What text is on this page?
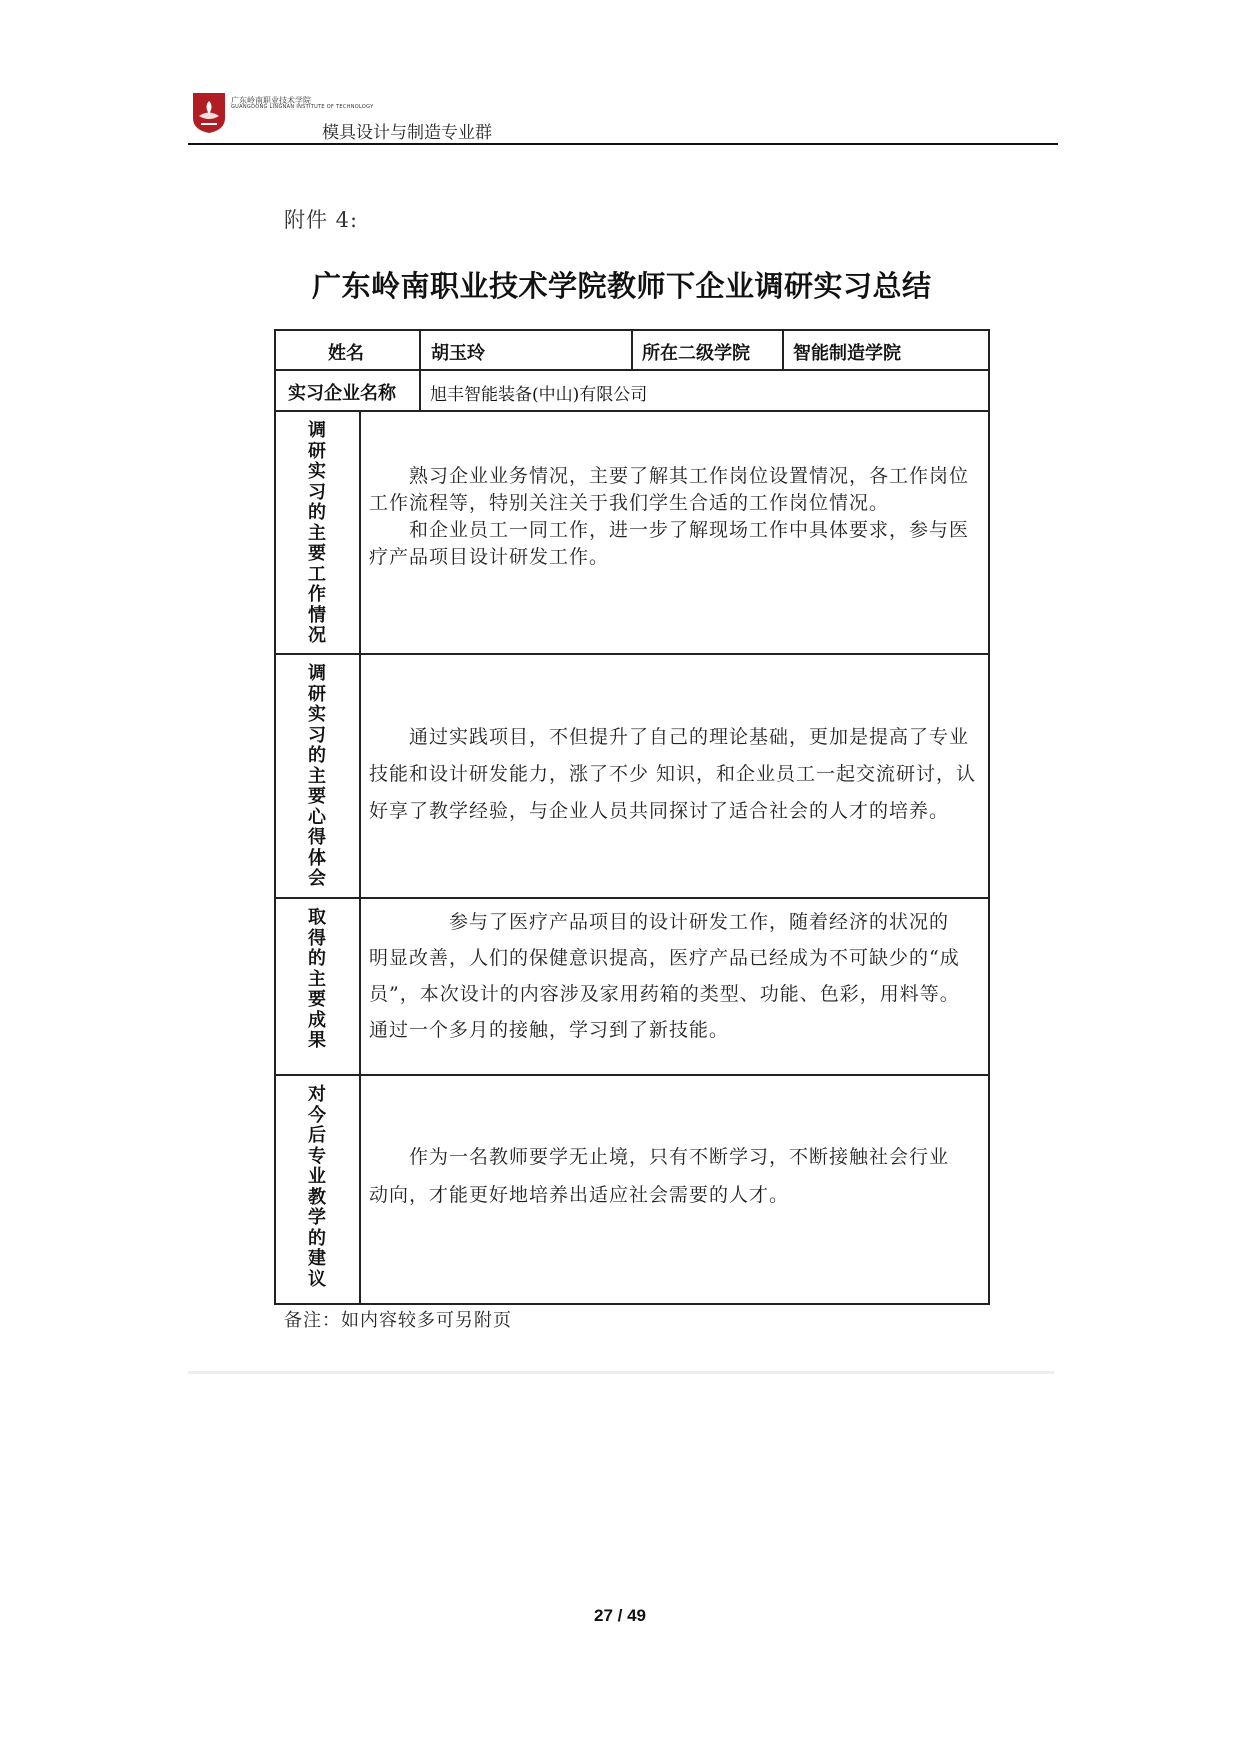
广东岭南职业技术学院
GUANGDONG LINGNAN INSTITUTE OF TECHNOLOGY
模具设计与制造专业群
附件 4:
广东岭南职业技术学院教师下企业调研实习总结
姓名	胡玉玲	所在二级学院 智能制造学院
实习企业名称 旭丰智能装备(中山)有限公司
调研实习的主要工作情况
　　熟习企业业务情况，主要了解其工作岗位设置情况，各工作岗位
工作流程等，特别关注关于我们学生合适的工作岗位情况。
　　和企业员工一同工作，进一步了解现场工作中具体要求，参与医
疗产品项目设计研发工作。
调研实习的主要心得体会
　　通过实践项目，不但提升了自己的理论基础，更加是提高了专业
技能和设计研发能力，涨了不少 知识，和企业员工一起交流研讨，认
好享了教学经验，与企业人员共同探讨了适合社会的人才的培养。
取得的主要成果
　　　　参与了医疗产品项目的设计研发工作，随着经济的状况的
明显改善，人们的保健意识提高，医疗产品已经成为不可缺少的“成
员”，本次设计的内容涉及家用药箱的类型、功能、色彩，用料等。
通过一个多月的接触，学习到了新技能。
对今后专业教学的建议
　　作为一名教师要学无止境，只有不断学习，不断接触社会行业
动向，才能更好地培养出适应社会需要的人才。
备注：如内容较多可另附页
27 / 49
